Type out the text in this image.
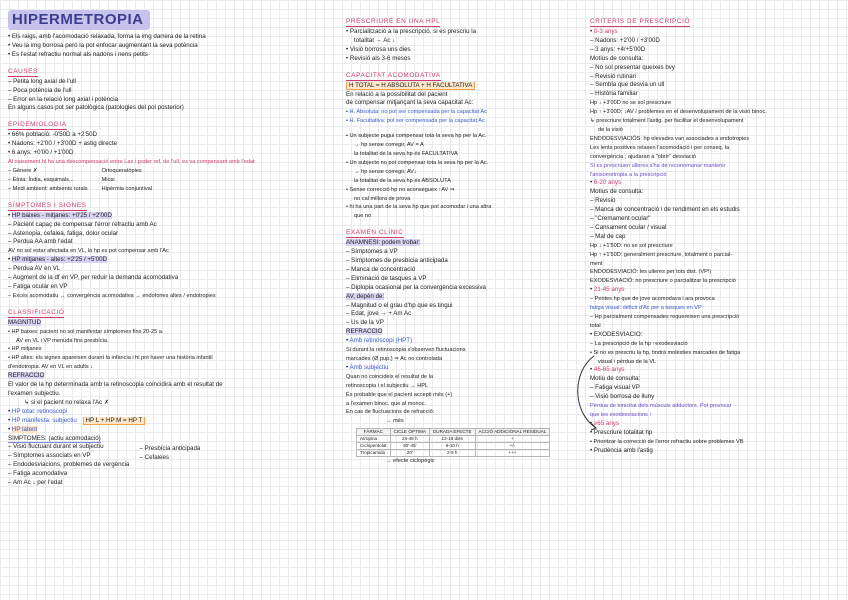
HIPERMETROPIA
• Els raigs, amb l'acomodació relaxada, forma la img darrera de la retina
• Veu la img borrosa però la pot enfocar augmentant la seva potència
• És l'estat refractiu normal als nadons i nens petits
CAUSES
– Petita long axial de l'ull
– Poca potència de l'ull
– Error en la relació long axial i potència
En alguns casos pot ser patològica (patologies del pol posterior)
EPIDEMIOLOGIA
• 66% població: -0'50D a +2'50D
• Nadons: +2'00 / +3'00D + astig directe
• 6 anys: +0'00 / +1'00D
Al naixement hi ha una descompensació entre Lax i poder ref. de l'ull, es va compensant amb l'edat
– Gènere ✗
– Ètnia: Índia, esquimals...
– Medi ambient: ambients rurals
Ortoqueratòpies
Miosi
Hipèrmia conjuntival
SÍMPTOMES I SIGNES
• HP baixes - mitjanes: +0'25 / +2'00D
– Pacient capaç de compensar l'error refractiu amb Ac
– Astenopia, cefalea, fatiga, dolor ocular
– Perdua AA amb l'edat
AV no sol estar afectada en VL, la hp es pot compensar amb l'Ac
• HP mitjanes - altes: +2'25 / +5'00D
– Perdua AV en VL
– Augment de la df en VP, per reduir la demanda acomodativa
– Fatiga ocular en VP
– Excés acomodatiu → convergència acomodativa → endofories altes / endotropies
CLASSIFICACIÓ
MAGNITUD
• HP baixes: pacient no sol manifestar símptomes fins 20-25 a.
AV en VL i VP menuda fins presbícia.
• HP mitjanes
• HP altes: els signes apareixen durant la infància i hi pot haver una història infantil
d'endotropia. AV en VL en adults ↓
REFRACCIÓ
El valor de la hp determinada amb la retinoscopia coincidirà amb el resultat de
l'examen subjectiu.
↳ si el pacient no relaxa l'Ac ✗
• HP total: retinoscopi
• HP manifesta: subjectiu HP L + HP M = HP T
• HP latent
SÍMPTOMES: (actiu acomodació)
– Visió fluctuant durant el subjectiu
– Símptomes associats en VP
– Endodesviacions, problemes de vergència
– Fatiga acomodativa
– Am Ac ↓ per l'edat
– Presbícia anticipada
– Cefalees
PRESCRIURE EN UNA HPL
• Parcialització a la prescripció, si es prescriu la
totalitat → Ac ↓
• Visió borrosa uns dies
• Revisió als 3-6 mesos
CAPACITAT ACOMODATIVA
H TOTAL = H ABSOLUTA + H FACULTATIVA
En relació a la possibilitat del pacient
de compensar mitjançant la seva capacitat Ac:
• H. Absoluta: no pot ser compensada per la capacitat Ac
• H. Facultativa: pot ser compensada per la capacitat Ac
• Un subjecte pugui compensar tota la seva hp per la Ac.
→ hp sense corregir, AV = A
la totalitat de la seva hp és FACULTATIVA
• Un subjecte no pot compensar tota la seva hp per la Ac.
→ hp sense corregir, AV↓
la totalitat de la seva hp és ABSOLUTA
• Sense correcció hp no aconseguex ↑AV ⇒
no cal millora de prova
• hi ha una part de la seva hp que pot acomodar i una altra
que no
EXAMEN CLÍNIC
ANAMNESI: podem trobar:
– Símptomes a VP
– Símptomes de presbícia anticipada
– Manca de concentració
– Eliminació de tasques a VP
– Diplopia ocasional per la convergència excessiva
AV, depèn de:
– Magnitud o el grau d'hp que es tingui
– Edat, jove → + Am Ac
– Ús de la VP
REFRACCIÓ
• Amb retinoscopi (HPT)
Si durant la retinoscopia s'observen fluctuacions
marcades (Ø pup.) ⇒ Ac no controlada
• Amb subjectiu
Quan no coincideix el resultat de la
retinoscopia i el subjectiu → HPL
És probable que el pacient accepti més (+)
a l'examen binoc. que al monoc.
En cas de fluctuacions de refracció:
→ més
FÀRMAC	CICLE ÒPTIMA	DURADA EFECTE	ACCIÓ ADDICIONAL RESIDUAL
Atropina	24-48 h	12-18 dies	+
Ciclopentolat	30'-45'	6-10 h	+/-
Tropicamida	20'	2-5 h	+++
→ efecte ciclopègic
CRITERIS DE PRESCRIPCIÓ
• 0-3 anys
– Nadons: +2'00 / +3'00D
– 3 anys: +4/+5'00D
Motius de consulta:
– No sol presentar queixes bvy
– Revisió rutinari
– Sembla que desvia un ull
– Història familiar
Hp ↓ +3'00D no se sol prescriure
Hp ↑ +3'00D: ↓AV / problemes en el desenvolupament de la visió binoc.
↳ prescriure totalment l'astig. per facilitar el desenvolupament
de la visió
ENDODESVIACIÓS: hp elevades van associades a endotropies
Les lents positives relaxen l'acomodació i per conseq. la
convergència ; ajudaran a "obrir" desviació
Si es prescriuen ulleres s'ha de reconomanar mantenir
l'anisometropia a la prescripció
• 6-20 anys
Motius de consulta:
– Revisió
– Manca de concentració i de rendiment en els estudis
– "Cremament ocular"
– Cansament ocular / visual
– Mal de cap
Hp ↓ +1'50D: no se sol prescriure
Hp ↑ +1'50D: generalment prescriure, totalment o parcial-
ment
ENDODESVIACIÓ: les ulleres per tots dist. (VP!)
EXODESVIACIÓ: no prescriure o parcialitzar la prescripció
• 21-45 anys
– Pentes hp que de jove acomodava i ara provoca
fatiga visual: dèficit d'Ac per a tasques en VP
– Hp parcialment compensades requereixen una prescripció
total
• EXODESVIACIÓ:
– La prescripció de la hp ↑exodesviació
• Si no es prescriu la hp, tindrà molèsties marcades de fatiga
visual i pèrdua de la VL
• 46-65 anys
Motiu de consulta:
– Fatiga visual VP
– Visió borrosa de lluny
Pèrdua de tonicitat dels músculs adductors. Pot provocar
que les exodesviacions ↑
• ≥65 anys
• Prescriure totalitat hp
• Prioritzar la correcció de l'error refractiu sobre problemes VB
• Prudència amb l'astig
